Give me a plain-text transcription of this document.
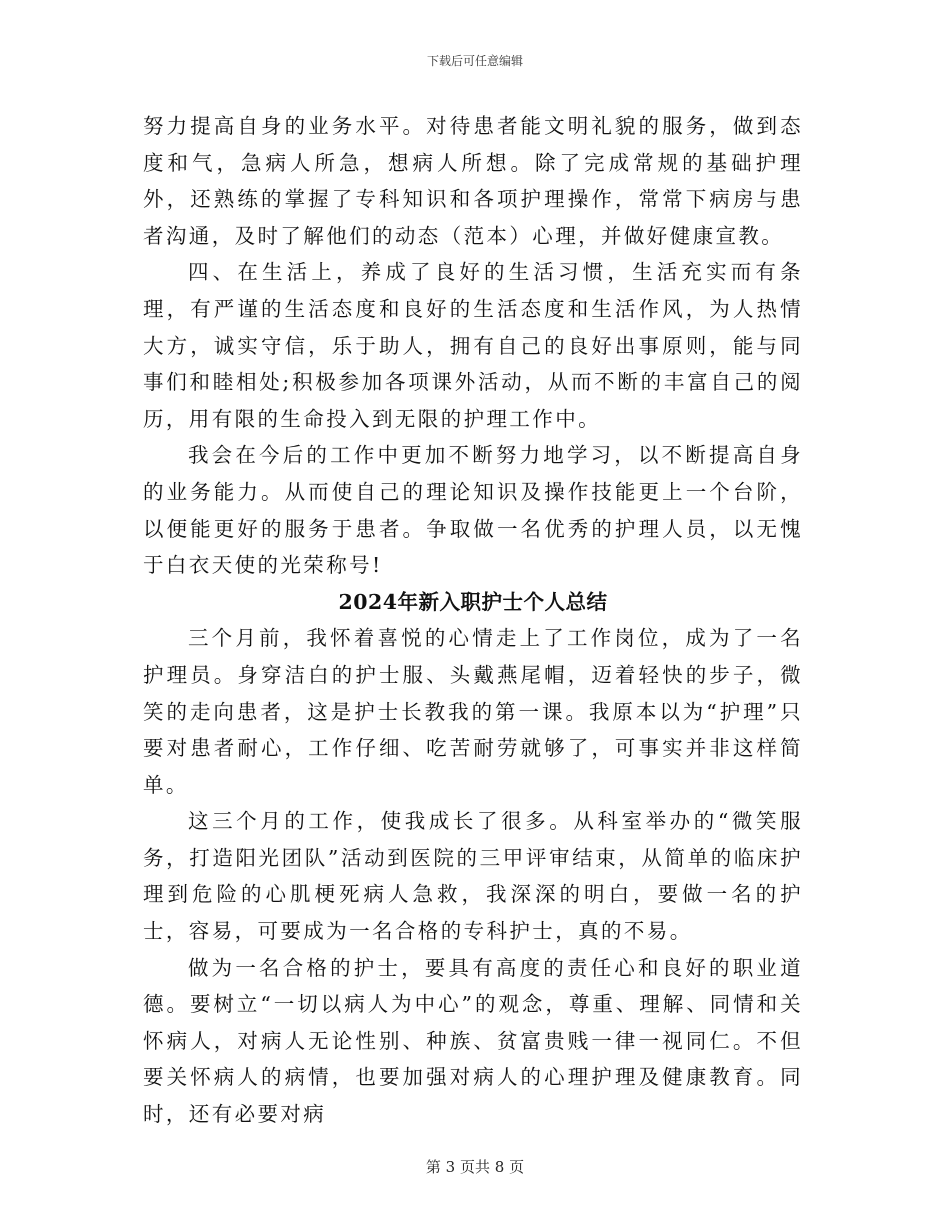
下载后可任意编辑

努力提高自身的业务水平。对待患者能文明礼貌的服务，做到态度和气，急病人所急，想病人所想。除了完成常规的基础护理外，还熟练的掌握了专科知识和各项护理操作，常常下病房与患者沟通，及时了解他们的动态（范本）心理，并做好健康宣教。

四、在生活上，养成了良好的生活习惯，生活充实而有条理，有严谨的生活态度和良好的生活态度和生活作风，为人热情大方，诚实守信，乐于助人，拥有自己的良好出事原则，能与同事们和睦相处;积极参加各项课外活动，从而不断的丰富自己的阅历，用有限的生命投入到无限的护理工作中。

我会在今后的工作中更加不断努力地学习，以不断提高自身的业务能力。从而使自己的理论知识及操作技能更上一个台阶，以便能更好的服务于患者。争取做一名优秀的护理人员，以无愧于白衣天使的光荣称号!

2024年新入职护士个人总结

三个月前，我怀着喜悦的心情走上了工作岗位，成为了一名护理员。身穿洁白的护士服、头戴燕尾帽，迈着轻快的步子，微笑的走向患者，这是护士长教我的第一课。我原本以为“护理”只要对患者耐心，工作仔细、吃苦耐劳就够了，可事实并非这样简单。

这三个月的工作，使我成长了很多。从科室举办的“微笑服务，打造阳光团队”活动到医院的三甲评审结束，从简单的临床护理到危险的心肌梗死病人急救，我深深的明白，要做一名的护士，容易，可要成为一名合格的专科护士，真的不易。

做为一名合格的护士，要具有高度的责任心和良好的职业道德。要树立“一切以病人为中心”的观念，尊重、理解、同情和关怀病人，对病人无论性别、种族、贫富贵贱一律一视同仁。不但要关怀病人的病情，也要加强对病人的心理护理及健康教育。同时，还有必要对病

第 3 页共 8 页
